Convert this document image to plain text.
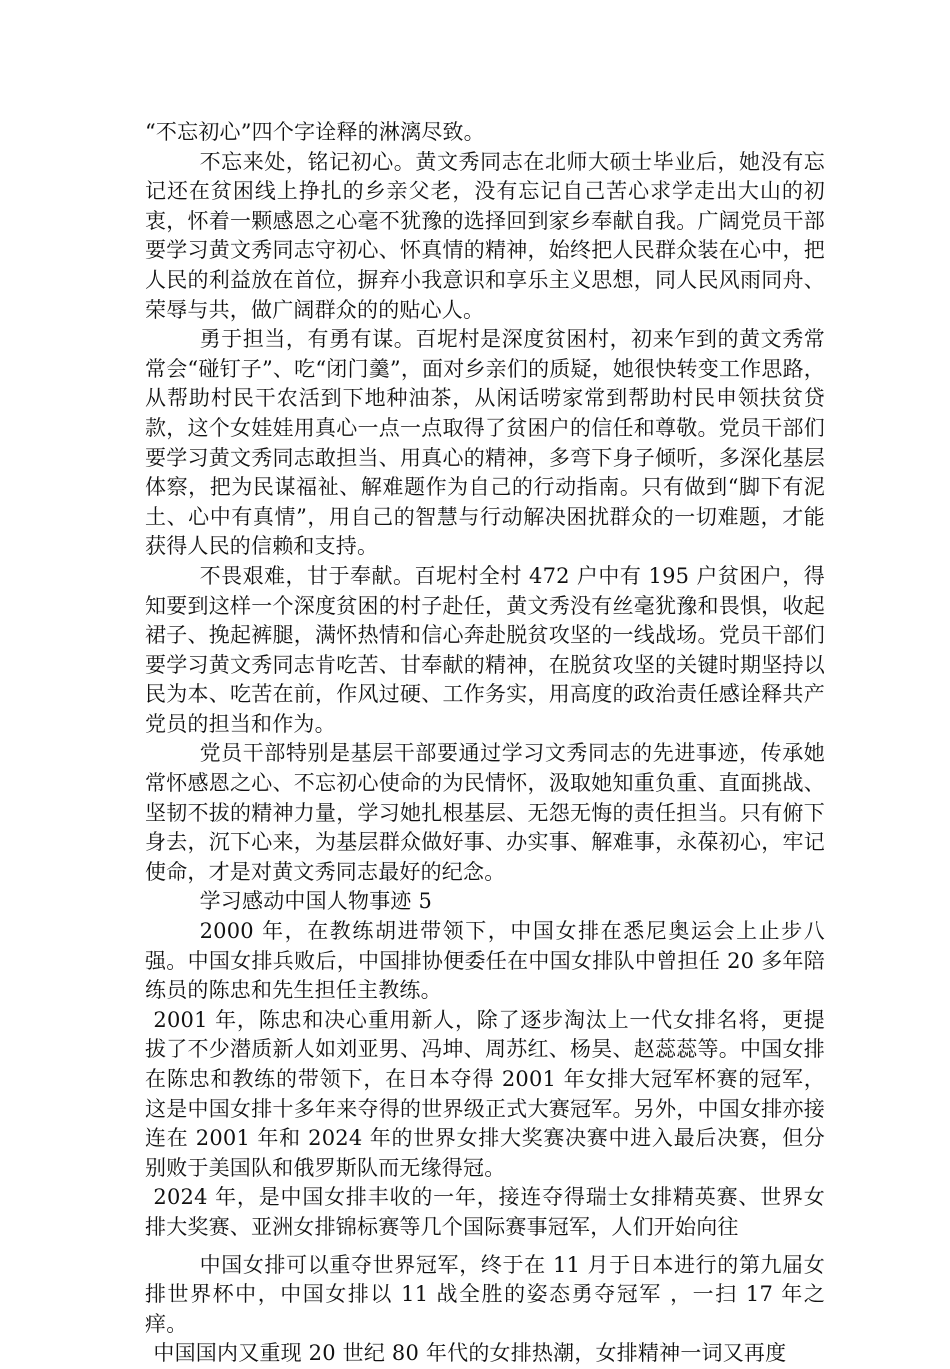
“不忘初心”四个字诠释的淋漓尽致。

不忘来处，铭记初心。黄文秀同志在北师大硕士毕业后，她没有忘记还在贫困线上挣扎的乡亲父老，没有忘记自己苦心求学走出大山的初衷，怀着一颗感恩之心毫不犹豫的选择回到家乡奉献自我。广阔党员干部要学习黄文秀同志守初心、怀真情的精神，始终把人民群众装在心中，把人民的利益放在首位，摒弃小我意识和享乐主义思想，同人民风雨同舟、荣辱与共，做广阔群众的的贴心人。

勇于担当，有勇有谋。百坭村是深度贫困村，初来乍到的黄文秀常常会“碰钉子”、吃“闭门羹”，面对乡亲们的质疑，她很快转变工作思路，从帮助村民干农活到下地种油茶，从闲话唠家常到帮助村民申领扶贫贷款，这个女娃娃用真心一点一点取得了贫困户的信任和尊敬。党员干部们要学习黄文秀同志敢担当、用真心的精神，多弯下身子倾听，多深化基层体察，把为民谋福祉、解难题作为自己的行动指南。只有做到“脚下有泥土、心中有真情”，用自己的智慧与行动解决困扰群众的一切难题，才能获得人民的信赖和支持。

不畏艰难，甘于奉献。百坭村全村 472 户中有 195 户贫困户，得知要到这样一个深度贫困的村子赴任，黄文秀没有丝毫犹豫和畏惧，收起裙子、挽起裤腿，满怀热情和信心奔赴脱贫攻坚的一线战场。党员干部们要学习黄文秀同志肯吃苦、甘奉献的精神，在脱贫攻坚的关键时期坚持以民为本、吃苦在前，作风过硬、工作务实，用高度的政治责任感诠释共产党员的担当和作为。

党员干部特别是基层干部要通过学习文秀同志的先进事迹，传承她常怀感恩之心、不忘初心使命的为民情怀，汲取她知重负重、直面挑战、坚韧不拔的精神力量，学习她扎根基层、无怨无悔的责任担当。只有俯下身去，沉下心来，为基层群众做好事、办实事、解难事，永葆初心，牢记使命，才是对黄文秀同志最好的纪念。

学习感动中国人物事迹 5

2000 年，在教练胡进带领下，中国女排在悉尼奥运会上止步八强。中国女排兵败后，中国排协便委任在中国女排队中曾担任 20 多年陪练员的陈忠和先生担任主教练。

2001 年，陈忠和决心重用新人，除了逐步淘汰上一代女排名将，更提拔了不少潜质新人如刘亚男、冯坤、周苏红、杨昊、赵蕊蕊等。中国女排在陈忠和教练的带领下，在日本夺得 2001 年女排大冠军杯赛的冠军，这是中国女排十多年来夺得的世界级正式大赛冠军。另外，中国女排亦接连在 2001 年和 2024 年的世界女排大奖赛决赛中进入最后决赛，但分别败于美国队和俄罗斯队而无缘得冠。

2024 年，是中国女排丰收的一年，接连夺得瑞士女排精英赛、世界女排大奖赛、亚洲女排锦标赛等几个国际赛事冠军，人们开始向往

中国女排可以重夺世界冠军，终于在 11 月于日本进行的第九届女排世界杯中，中国女排以 11 战全胜的姿态勇夺冠军 ，一扫 17 年之痒。

中国国内又重现 20 世纪 80 年代的女排热潮，女排精神一词又再度
